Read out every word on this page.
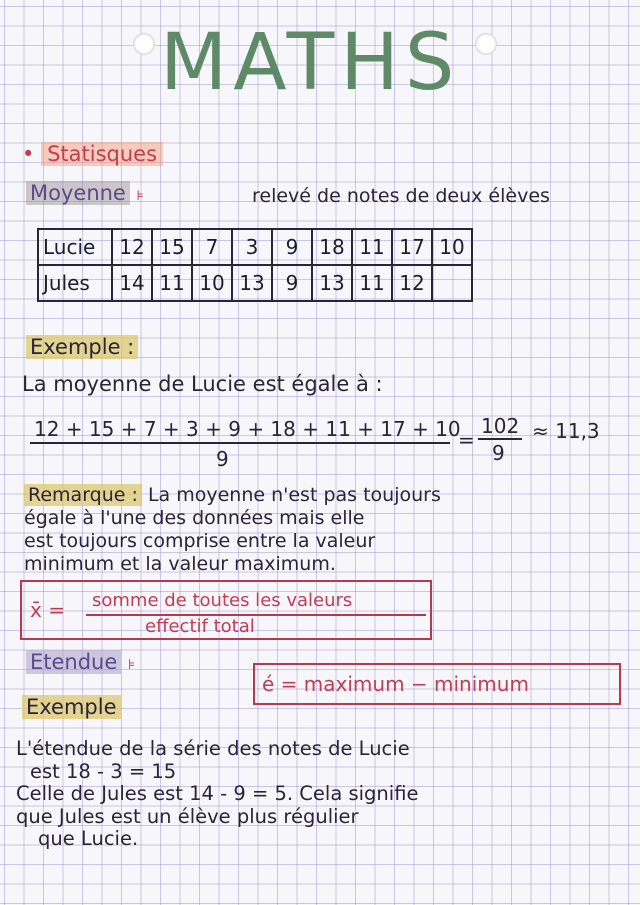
MATHS
• Statisques
Moyenne ⊧	relevé de notes de deux élèves
Lucie	12	15	7	3	9	18	11	17	10
Jules	14	11	10	13	9	13	11	12	
Exemple :
La moyenne de Lucie est égale à :
12 + 15 + 7 + 3 + 9 + 18 + 11 + 17 + 10
9
=
102
9
≈ 11,3
Remarque : La moyenne n'est pas toujours
égale à l'une des données mais elle
est toujours comprise entre la valeur
minimum et la valeur maximum.
x̄ = somme de toutes les valeurs
effectif total
Etendue ⊧
é = maximum − minimum
Exemple
L'étendue de la série des notes de Lucie
est 18 - 3 = 15
Celle de Jules est 14 - 9 = 5. Cela signifie
que Jules est un élève plus régulier
que Lucie.
